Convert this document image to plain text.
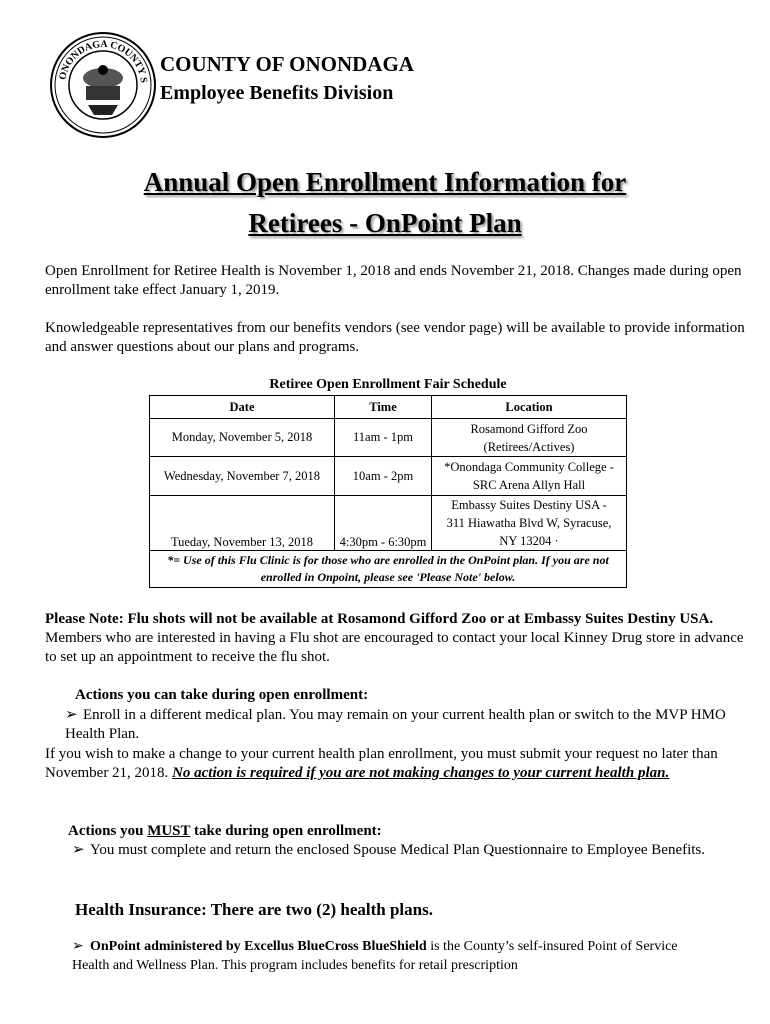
ONONDAGA COUNTY S
COUNTY OF ONONDAGA
Employee Benefits Division
Annual Open Enrollment Information for
Retirees - OnPoint Plan
Open Enrollment for Retiree Health is November 1, 2018 and ends November 21, 2018. Changes made during open enrollment take effect January 1, 2019.
Knowledgeable representatives from our benefits vendors (see vendor page) will be available to provide information and answer questions about our plans and programs.
Retiree Open Enrollment Fair Schedule
Date	Time	Location
Monday, November 5, 2018	11am - 1pm	Rosamond Gifford Zoo
(Retirees/Actives)

Wednesday, November 7, 2018	10am - 2pm	*Onondaga Community College -
SRC Arena Allyn Hall

Tueday, November 13, 2018	4:30pm - 6:30pm	Embassy Suites Destiny USA -
311 Hiawatha Blvd W, Syracuse,
NY 13204 ·

*= Use of this Flu Clinic is for those who are enrolled in the OnPoint plan. If you are not enrolled in Onpoint, please see 'Please Note' below.		
Please Note: Flu shots will not be available at Rosamond Gifford Zoo or at Embassy Suites Destiny USA. Members who are interested in having a Flu shot are encouraged to contact your local Kinney Drug store in advance to set up an appointment to receive the flu shot.
Actions you can take during open enrollment:
➢ Enroll in a different medical plan. You may remain on your current health plan or switch to the MVP HMO Health Plan.
If you wish to make a change to your current health plan enrollment, you must submit your request no later than November 21, 2018. No action is required if you are not making changes to your current health plan.
Actions you MUST take during open enrollment:
➢ You must complete and return the enclosed Spouse Medical Plan Questionnaire to Employee Benefits.
Health Insurance: There are two (2) health plans.
➢ OnPoint administered by Excellus BlueCross BlueShield is the County’s self-insured Point of Service Health and Wellness Plan. This program includes benefits for retail prescription
